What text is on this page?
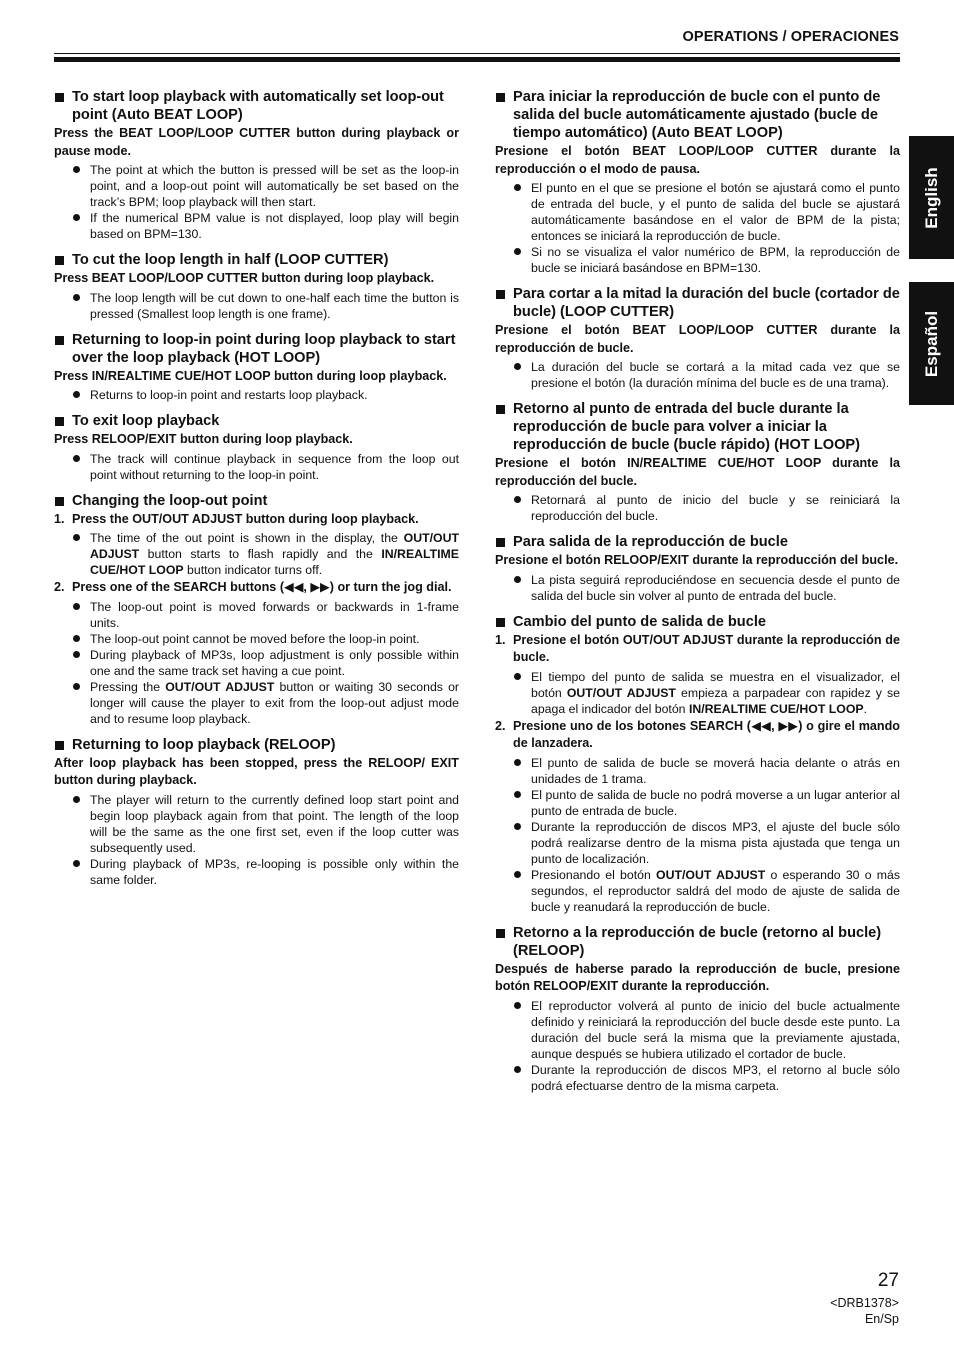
OPERATIONS / OPERACIONES
English
Español
To start loop playback with automatically set loop-out point (Auto BEAT LOOP)

Press the BEAT LOOP/LOOP CUTTER button during playback or pause mode.

The point at which the button is pressed will be set as the loop-in point, and a loop-out point will automatically be set based on the track’s BPM; loop playback will then start.
If the numerical BPM value is not displayed, loop play will begin based on BPM=130.
To cut the loop length in half (LOOP CUTTER)

Press BEAT LOOP/LOOP CUTTER button during loop playback.

The loop length will be cut down to one-half each time the button is pressed (Smallest loop length is one frame).
Returning to loop-in point during loop playback to start over the loop playback (HOT LOOP)

Press IN/REALTIME CUE/HOT LOOP button during loop playback.

Returns to loop-in point and restarts loop playback.
To exit loop playback

Press RELOOP/EXIT button during loop playback.

The track will continue playback in sequence from the loop out point without returning to the loop-in point.
Changing the loop-out point

1. Press the OUT/OUT ADJUST button during loop playback.

The time of the out point is shown in the display, the OUT/OUT ADJUST button starts to flash rapidly and the IN/REALTIME CUE/HOT LOOP button indicator turns off.

2. Press one of the SEARCH buttons (◀◀, ▶▶) or turn the jog dial.

The loop-out point is moved forwards or backwards in 1-frame units.
The loop-out point cannot be moved before the loop-in point.
During playback of MP3s, loop adjustment is only possible within one and the same track set having a cue point.
Pressing the OUT/OUT ADJUST button or waiting 30 seconds or longer will cause the player to exit from the loop-out adjust mode and to resume loop playback.
Returning to loop playback (RELOOP)

After loop playback has been stopped, press the RELOOP/ EXIT button during playback.

The player will return to the currently defined loop start point and begin loop playback again from that point. The length of the loop will be the same as the one first set, even if the loop cutter was subsequently used.
During playback of MP3s, re-looping is possible only within the same folder.
Para iniciar la reproducción de bucle con el punto de salida del bucle automáticamente ajustado (bucle de tiempo automático) (Auto BEAT LOOP)

Presione el botón BEAT LOOP/LOOP CUTTER durante la reproducción o el modo de pausa.

El punto en el que se presione el botón se ajustará como el punto de entrada del bucle, y el punto de salida del bucle se ajustará automáticamente basándose en el valor de BPM de la pista; entonces se iniciará la reproducción de bucle.
Si no se visualiza el valor numérico de BPM, la reproducción de bucle se iniciará basándose en BPM=130.
Para cortar a la mitad la duración del bucle (cortador de bucle) (LOOP CUTTER)

Presione el botón BEAT LOOP/LOOP CUTTER durante la reproducción de bucle.

La duración del bucle se cortará a la mitad cada vez que se presione el botón (la duración mínima del bucle es de una trama).
Retorno al punto de entrada del bucle durante la reproducción de bucle para volver a iniciar la reproducción de bucle (bucle rápido) (HOT LOOP)

Presione el botón IN/REALTIME CUE/HOT LOOP durante la reproducción del bucle.

Retornará al punto de inicio del bucle y se reiniciará la reproducción del bucle.
Para salida de la reproducción de bucle

Presione el botón RELOOP/EXIT durante la reproducción del bucle.

La pista seguirá reproduciéndose en secuencia desde el punto de salida del bucle sin volver al punto de entrada del bucle.
Cambio del punto de salida de bucle

1. Presione el botón OUT/OUT ADJUST durante la reproducción de bucle.

El tiempo del punto de salida se muestra en el visualizador, el botón OUT/OUT ADJUST empieza a parpadear con rapidez y se apaga el indicador del botón IN/REALTIME CUE/HOT LOOP.

2. Presione uno de los botones SEARCH (◀◀, ▶▶) o gire el mando de lanzadera.

El punto de salida de bucle se moverá hacia delante o atrás en unidades de 1 trama.
El punto de salida de bucle no podrá moverse a un lugar anterior al punto de entrada de bucle.
Durante la reproducción de discos MP3, el ajuste del bucle sólo podrá realizarse dentro de la misma pista ajustada que tenga un punto de localización.
Presionando el botón OUT/OUT ADJUST o esperando 30 o más segundos, el reproductor saldrá del modo de ajuste de salida de bucle y reanudará la reproducción de bucle.
Retorno a la reproducción de bucle (retorno al bucle) (RELOOP)

Después de haberse parado la reproducción de bucle, presione botón RELOOP/EXIT durante la reproducción.

El reproductor volverá al punto de inicio del bucle actualmente definido y reiniciará la reproducción del bucle desde este punto. La duración del bucle será la misma que la previamente ajustada, aunque después se hubiera utilizado el cortador de bucle.
Durante la reproducción de discos MP3, el retorno al bucle sólo podrá efectuarse dentro de la misma carpeta.
27
<DRB1378>
En/Sp
